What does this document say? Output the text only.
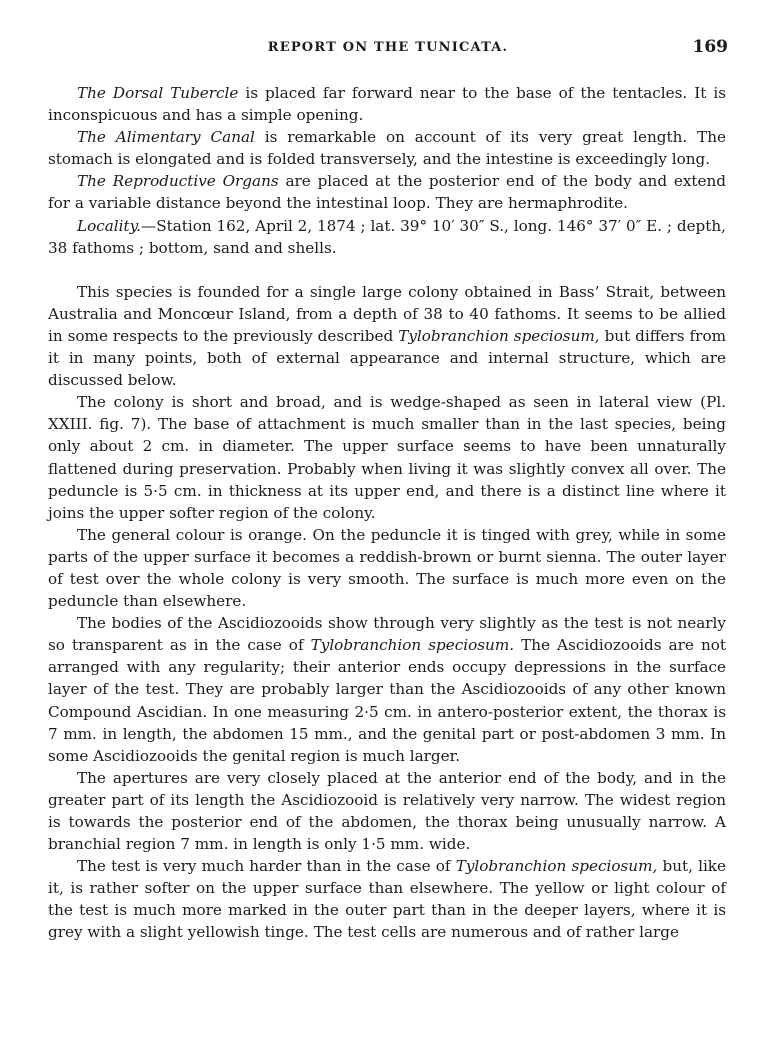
REPORT ON THE TUNICATA.	169

The Dorsal Tubercle is placed far forward near to the base of the tentacles. It is inconspicuous and has a simple opening.

The Alimentary Canal is remarkable on account of its very great length. The stomach is elongated and is folded transversely, and the intestine is exceedingly long.

The Reproductive Organs are placed at the posterior end of the body and extend for a variable distance beyond the intestinal loop. They are hermaphrodite.

Locality.—Station 162, April 2, 1874 ; lat. 39° 10′ 30″ S., long. 146° 37′ 0″ E. ; depth, 38 fathoms ; bottom, sand and shells.

This species is founded for a single large colony obtained in Bass’ Strait, between Australia and Moncœur Island, from a depth of 38 to 40 fathoms. It seems to be allied in some respects to the previously described Tylobranchion speciosum, but differs from it in many points, both of external appearance and internal structure, which are discussed below.

The colony is short and broad, and is wedge-shaped as seen in lateral view (Pl. XXIII. fig. 7). The base of attachment is much smaller than in the last species, being only about 2 cm. in diameter. The upper surface seems to have been unnaturally flattened during preservation. Probably when living it was slightly convex all over. The peduncle is 5·5 cm. in thickness at its upper end, and there is a distinct line where it joins the upper softer region of the colony.

The general colour is orange. On the peduncle it is tinged with grey, while in some parts of the upper surface it becomes a reddish-brown or burnt sienna. The outer layer of test over the whole colony is very smooth. The surface is much more even on the peduncle than elsewhere.

The bodies of the Ascidiozooids show through very slightly as the test is not nearly so transparent as in the case of Tylobranchion speciosum. The Ascidiozooids are not arranged with any regularity; their anterior ends occupy depressions in the surface layer of the test. They are probably larger than the Ascidiozooids of any other known Compound Ascidian. In one measuring 2·5 cm. in antero-posterior extent, the thorax is 7 mm. in length, the abdomen 15 mm., and the genital part or post-abdomen 3 mm. In some Ascidiozooids the genital region is much larger.

The apertures are very closely placed at the anterior end of the body, and in the greater part of its length the Ascidiozooid is relatively very narrow. The widest region is towards the posterior end of the abdomen, the thorax being unusually narrow. A branchial region 7 mm. in length is only 1·5 mm. wide.

The test is very much harder than in the case of Tylobranchion speciosum, but, like it, is rather softer on the upper surface than elsewhere. The yellow or light colour of the test is much more marked in the outer part than in the deeper layers, where it is grey with a slight yellowish tinge. The test cells are numerous and of rather large
